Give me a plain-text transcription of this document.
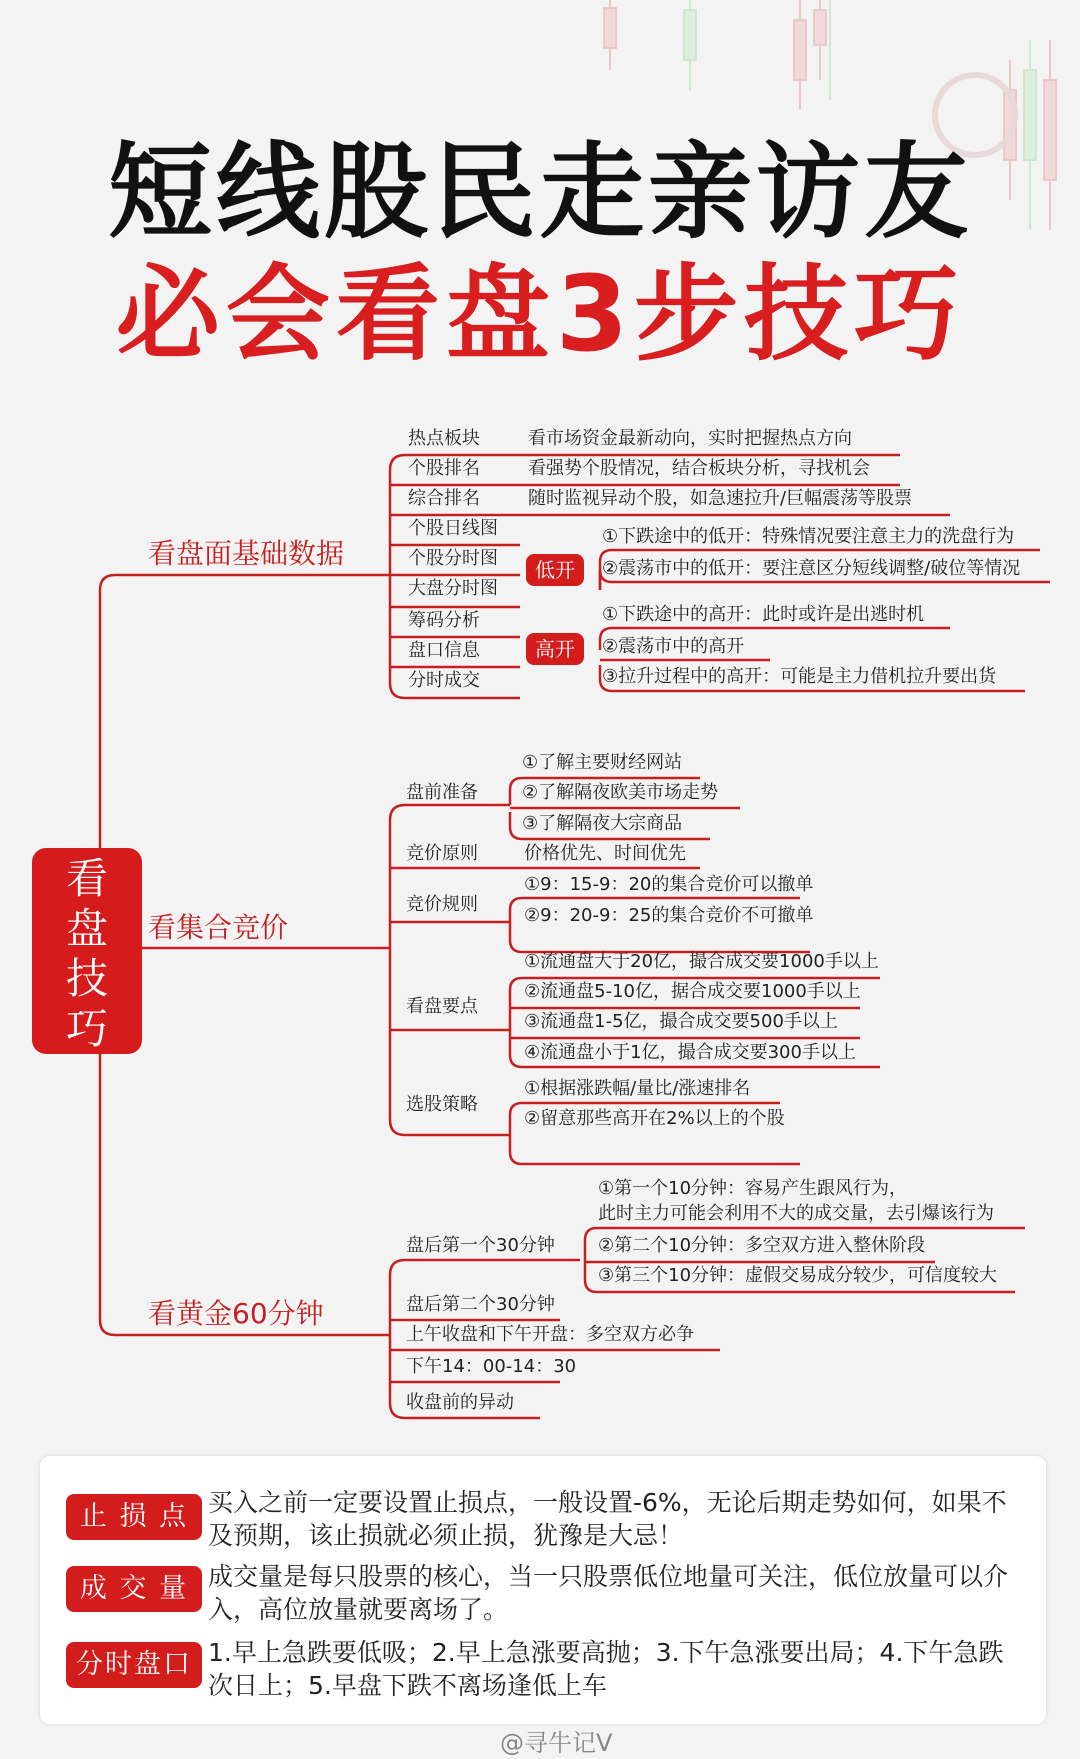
短线股民走亲访友
必会看盘3步技巧
看盘技巧
看盘面基础数据
看集合竞价
看黄金60分钟
热点板块
个股排名
综合排名
个股日线图
个股分时图
大盘分时图
筹码分析
盘口信息
分时成交
看市场资金最新动向，实时把握热点方向
看强势个股情况，结合板块分析，寻找机会
随时监视异动个股，如急速拉升/巨幅震荡等股票
低开
①下跌途中的低开：特殊情况要注意主力的洗盘行为
②震荡市中的低开：要注意区分短线调整/破位等情况
高开
①下跌途中的高开：此时或许是出逃时机
②震荡市中的高开
③拉升过程中的高开：可能是主力借机拉升要出货
盘前准备
①了解主要财经网站
②了解隔夜欧美市场走势
③了解隔夜大宗商品
竞价原则	价格优先、时间优先
竞价规则
①9：15-9：20的集合竞价可以撤单
②9：20-9：25的集合竞价不可撤单
看盘要点
①流通盘大于20亿，撮合成交要1000手以上
②流通盘5-10亿，据合成交要1000手以上
③流通盘1-5亿，撮合成交要500手以上
④流通盘小于1亿，撮合成交要300手以上
选股策略
①根据涨跌幅/量比/涨速排名
②留意那些高开在2%以上的个股
盘后第一个30分钟
①第一个10分钟：容易产生跟风行为，
此时主力可能会利用不大的成交量，去引爆该行为
②第二个10分钟：多空双方进入整休阶段
③第三个10分钟：虚假交易成分较少，可信度较大
盘后第二个30分钟
上午收盘和下午开盘：多空双方必争
下午14：00-14：30
收盘前的异动
止 损 点 买入之前一定要设置止损点，一般设置-6%，无论后期走势如何，如果不及预期，该止损就必须止损，犹豫是大忌！
成 交 量 成交量是每只股票的核心，当一只股票低位地量可关注，低位放量可以介入，高位放量就要离场了。
分时盘口 1.早上急跌要低吸；2.早上急涨要高抛；3.下午急涨要出局；4.下午急跌次日上；5.早盘下跌不离场逢低上车
@寻牛记V
